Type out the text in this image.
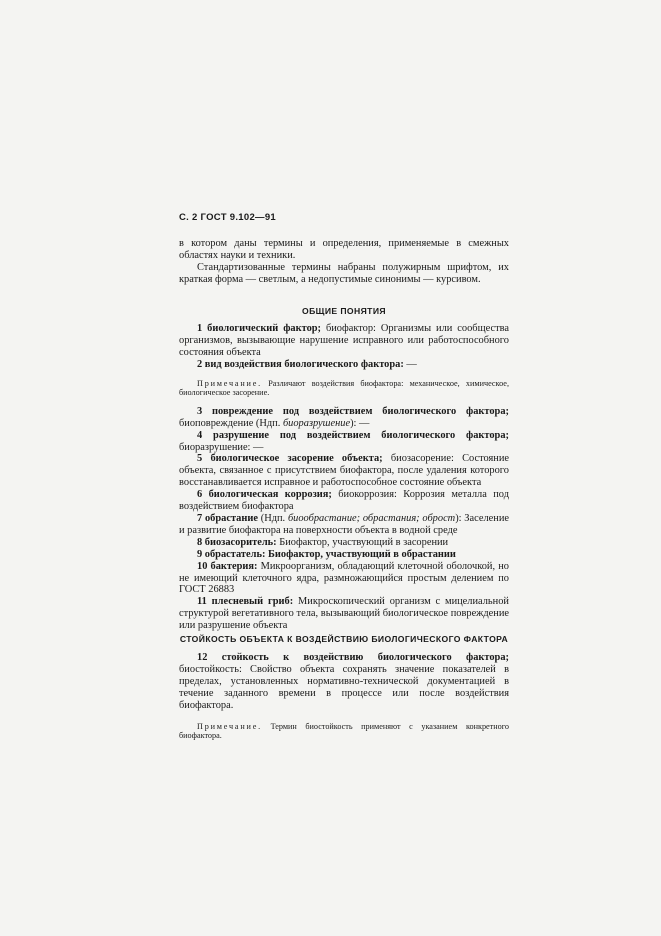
С. 2 ГОСТ 9.102—91

в котором даны термины и определения, применяемые в смежных

областях науки и техники.

Стандартизованные термины набраны полужирным шрифтом, их краткая форма — светлым, а недопустимые синонимы — курсивом.

ОБЩИЕ ПОНЯТИЯ

1 биологический фактор; биофактор: Организмы или сообщества организмов, вызывающие нарушение исправного или работоспособного состояния объекта

2 вид воздействия биологического фактора: —

Примечание. Различают воздействия биофактора: механическое, химическое, биологическое засорение.

3 повреждение под воздействием биологического фактора; биоповреждение (Ндп. биоразрушение): —

4 разрушение под воздействием биологического фактора; биоразрушение: —

5 биологическое засорение объекта; биозасорение: Состояние объекта, связанное с присутствием биофактора, после удаления которого восстанавливается исправное и работоспособное состояние объекта

6 биологическая коррозия; биокоррозия: Коррозия металла под воздействием биофактора

7 обрастание (Ндп. биообрастание; обрастания; оброст): Заселение и развитие биофактора на поверхности объекта в водной среде

8 биозасоритель: Биофактор, участвующий в засорении

9 обрастатель: Биофактор, участвующий в обрастании

10 бактерия: Микроорганизм, обладающий клеточной оболочкой, но не имеющий клеточного ядра, размножающийся простым делением по ГОСТ 26883

11 плесневый гриб: Микроскопический организм с мицелиальной структурой вегетативного тела, вызывающий биологическое повреждение или разрушение объекта

СТОЙКОСТЬ ОБЪЕКТА К ВОЗДЕЙСТВИЮ БИОЛОГИЧЕСКОГО ФАКТОРА

12 стойкость к воздействию биологического фактора; биостойкость: Свойство объекта сохранять значение показателей в пределах, установленных нормативно-технической документацией в течение заданного времени в процессе или после воздействия биофактора.

Примечание. Термин биостойкость применяют с указанием конкретного биофактора.
